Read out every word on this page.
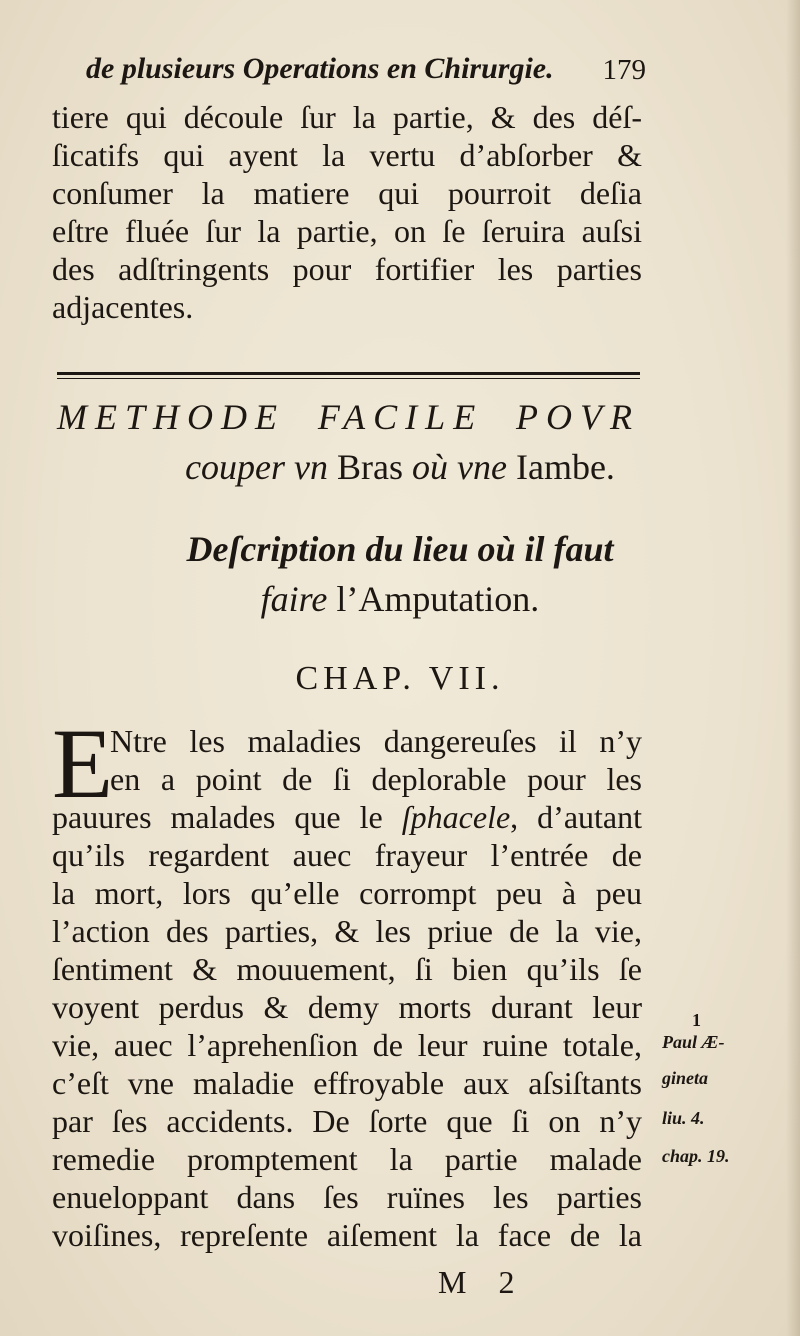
de plusieurs Operations en Chirurgie. 179
tiere qui découle ſur la partie, & des déſ-
ſicatifs qui ayent la vertu d’abſorber &
conſumer la matiere qui pourroit deſia
eſtre fluée ſur la partie, on ſe ſeruira auſsi
des adſtringents pour fortifier les parties
adjacentes.
METHODE FACILE POVR
couper vn Bras où vne Iambe.
Deſcription du lieu où il faut
faire l’Amputation.
CHAP. VII.
E
Ntre les maladies dangereuſes il n’y
en a point de ſi deplorable pour les
pauures malades que le ſphacele, d’autant
qu’ils regardent auec frayeur l’entrée de
la mort, lors qu’elle corrompt peu à peu
l’action des parties, & les priue de la vie,
ſentiment & mouuement, ſi bien qu’ils ſe
voyent perdus & demy morts durant leur
vie, auec l’aprehenſion de leur ruine totale,
c’eſt vne maladie effroyable aux aſsiſtants
par ſes accidents. De ſorte que ſi on n’y
remedie promptement la partie malade
enueloppant dans ſes ruïnes les parties
voiſines, repreſente aiſement la face de la
1
Paul Æ-
gineta
liu. 4.
chap. 19.
M 2
